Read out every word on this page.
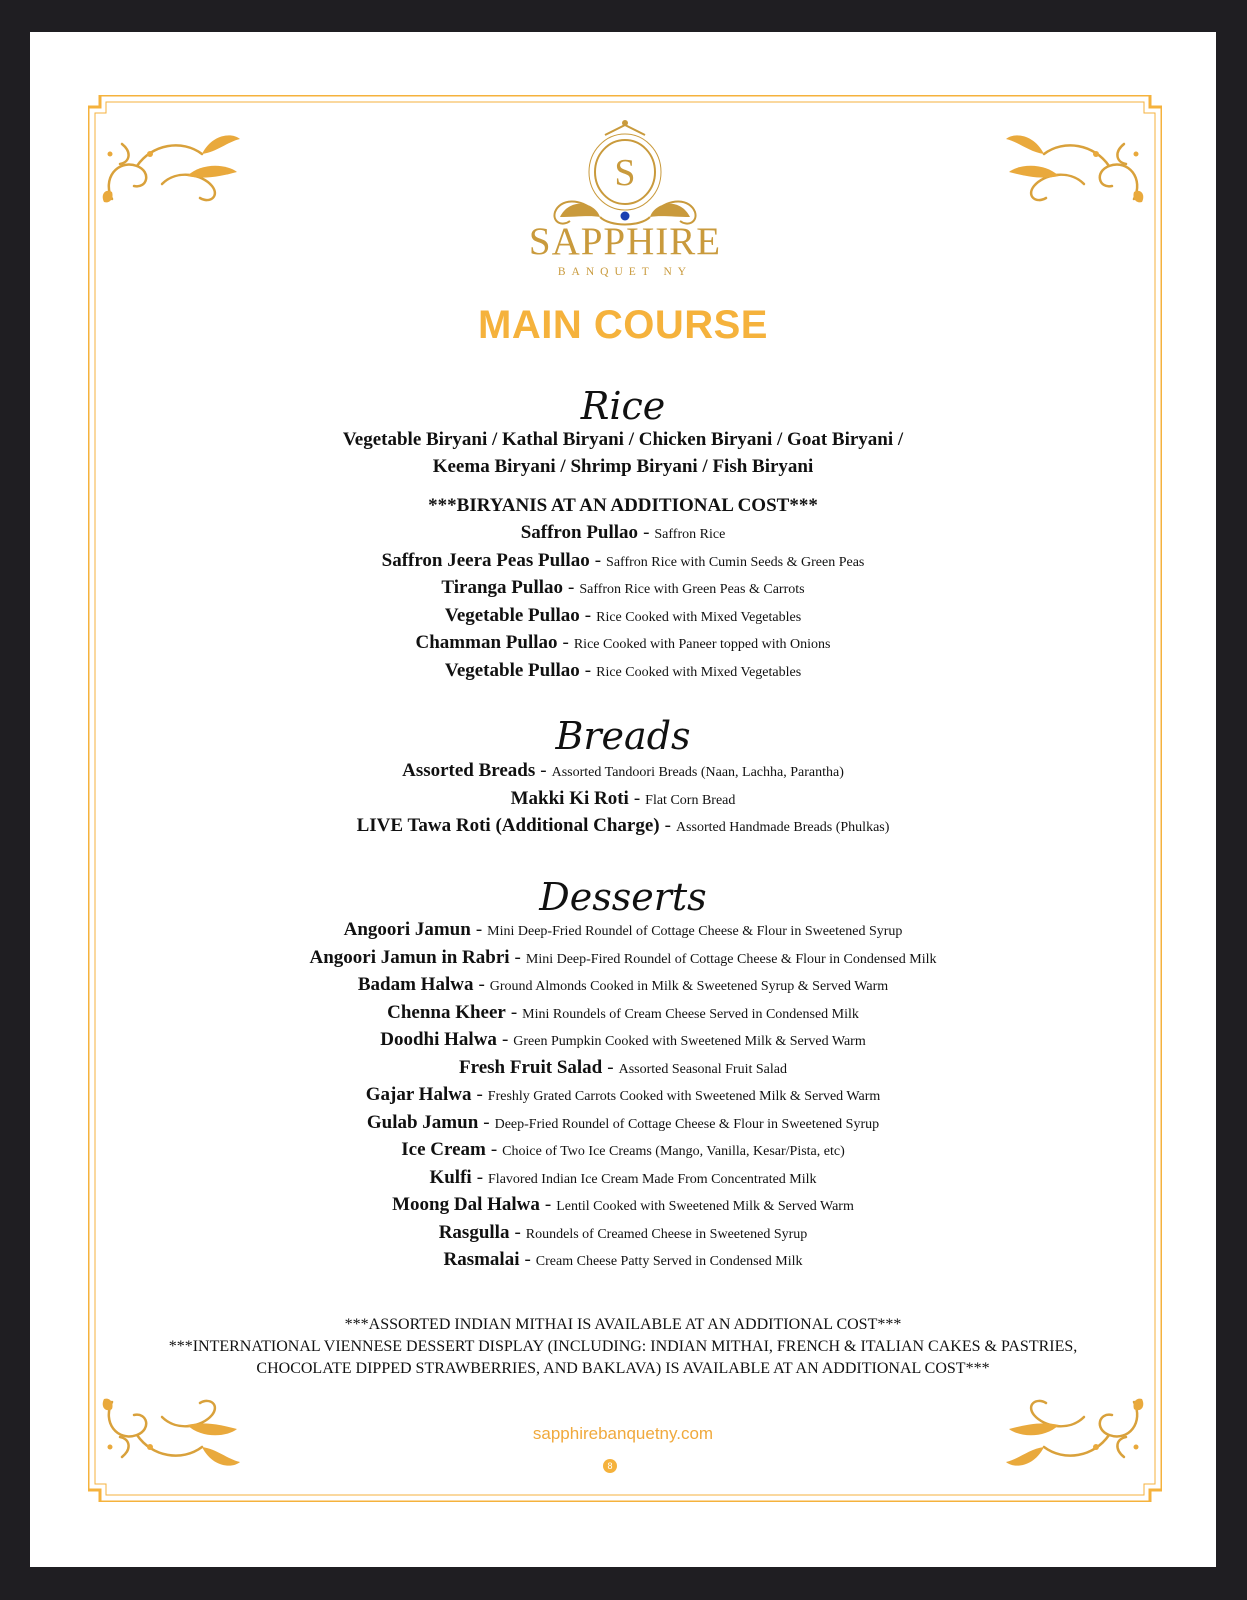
S
SAPPHIRE
BANQUET NY
MAIN COURSE
Rice
Vegetable Biryani / Kathal Biryani / Chicken Biryani / Goat Biryani /
Keema Biryani / Shrimp Biryani / Fish Biryani
***BIRYANIS AT AN ADDITIONAL COST***
Saffron Pullao - Saffron Rice
Saffron Jeera Peas Pullao - Saffron Rice with Cumin Seeds & Green Peas
Tiranga Pullao - Saffron Rice with Green Peas & Carrots
Vegetable Pullao - Rice Cooked with Mixed Vegetables
Chamman Pullao - Rice Cooked with Paneer topped with Onions
Vegetable Pullao - Rice Cooked with Mixed Vegetables
Breads
Assorted Breads - Assorted Tandoori Breads (Naan, Lachha, Parantha)
Makki Ki Roti - Flat Corn Bread
LIVE Tawa Roti (Additional Charge) - Assorted Handmade Breads (Phulkas)
Desserts
Angoori Jamun - Mini Deep-Fried Roundel of Cottage Cheese & Flour in Sweetened Syrup
Angoori Jamun in Rabri - Mini Deep-Fired Roundel of Cottage Cheese & Flour in Condensed Milk
Badam Halwa - Ground Almonds Cooked in Milk & Sweetened Syrup & Served Warm
Chenna Kheer - Mini Roundels of Cream Cheese Served in Condensed Milk
Doodhi Halwa - Green Pumpkin Cooked with Sweetened Milk & Served Warm
Fresh Fruit Salad - Assorted Seasonal Fruit Salad
Gajar Halwa - Freshly Grated Carrots Cooked with Sweetened Milk & Served Warm
Gulab Jamun - Deep-Fried Roundel of Cottage Cheese & Flour in Sweetened Syrup
Ice Cream - Choice of Two Ice Creams (Mango, Vanilla, Kesar/Pista, etc)
Kulfi - Flavored Indian Ice Cream Made From Concentrated Milk
Moong Dal Halwa - Lentil Cooked with Sweetened Milk & Served Warm
Rasgulla - Roundels of Creamed Cheese in Sweetened Syrup
Rasmalai - Cream Cheese Patty Served in Condensed Milk
***ASSORTED INDIAN MITHAI IS AVAILABLE AT AN ADDITIONAL COST***
***INTERNATIONAL VIENNESE DESSERT DISPLAY (INCLUDING: INDIAN MITHAI, FRENCH & ITALIAN CAKES & PASTRIES,
CHOCOLATE DIPPED STRAWBERRIES, AND BAKLAVA) IS AVAILABLE AT AN ADDITIONAL COST***
sapphirebanquetny.com
8
